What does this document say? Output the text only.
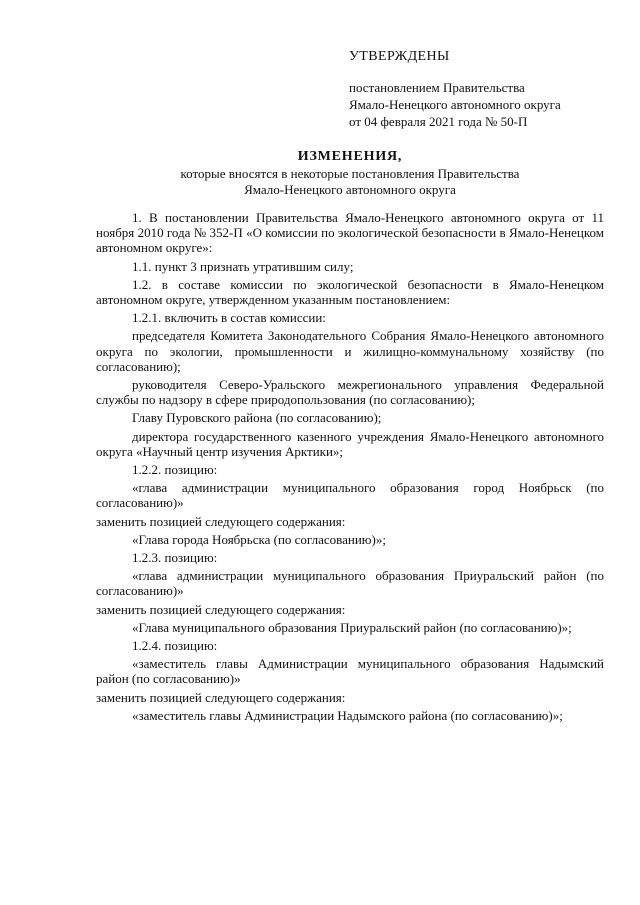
УТВЕРЖДЕНЫ
постановлением Правительства
Ямало-Ненецкого автономного округа
от 04 февраля 2021 года № 50-П
ИЗМЕНЕНИЯ,
которые вносятся в некоторые постановления Правительства
Ямало-Ненецкого автономного округа

1. В постановлении Правительства Ямало-Ненецкого автономного округа от 11 ноября 2010 года № 352-П «О комиссии по экологической безопасности в Ямало-Ненецком автономном округе»:

1.1. пункт 3 признать утратившим силу;

1.2. в составе комиссии по экологической безопасности в Ямало-Ненецком автономном округе, утвержденном указанным постановлением:

1.2.1. включить в состав комиссии:

председателя Комитета Законодательного Собрания Ямало-Ненецкого автономного округа по экологии, промышленности и жилищно-коммунальному хозяйству (по согласованию);

руководителя Северо-Уральского межрегионального управления Федеральной службы по надзору в сфере природопользования (по согласованию);

Главу Пуровского района (по согласованию);

директора государственного казенного учреждения Ямало-Ненецкого автономного округа «Научный центр изучения Арктики»;

1.2.2. позицию:

«глава администрации муниципального образования город Ноябрьск (по согласованию)»

заменить позицией следующего содержания:

«Глава города Ноябрьска (по согласованию)»;

1.2.3. позицию:

«глава администрации муниципального образования Приуральский район (по согласованию)»

заменить позицией следующего содержания:

«Глава муниципального образования Приуральский район (по согласованию)»;

1.2.4. позицию:

«заместитель главы Администрации муниципального образования Надымский район (по согласованию)»

заменить позицией следующего содержания:

«заместитель главы Администрации Надымского района (по согласованию)»;
